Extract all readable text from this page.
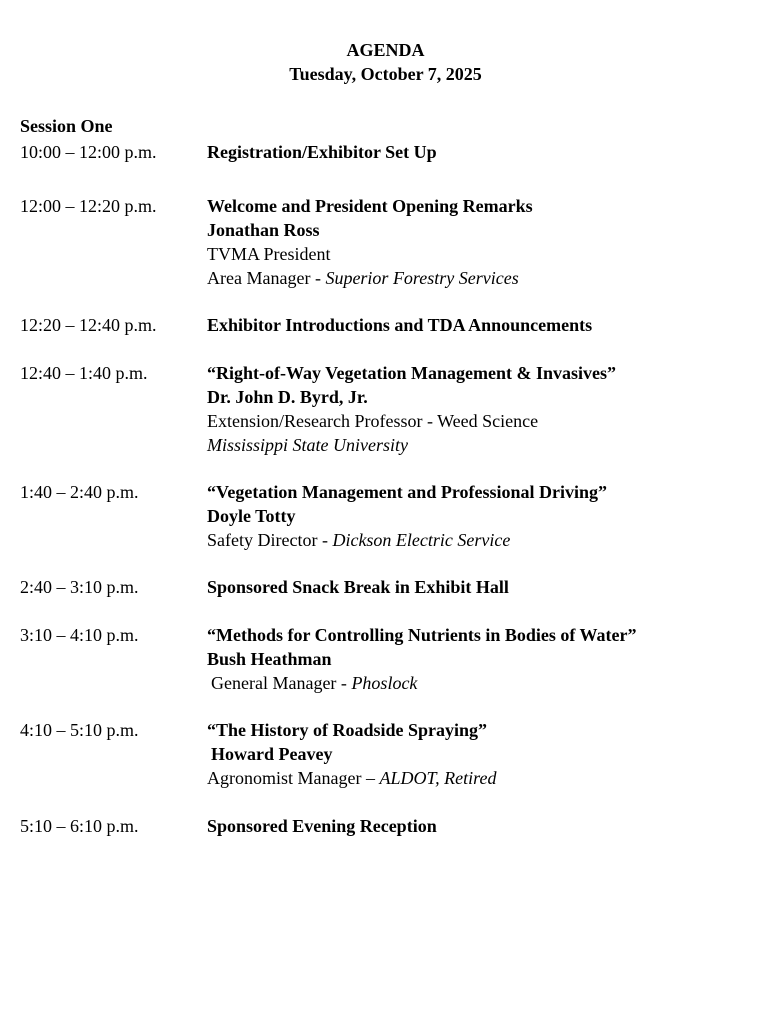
AGENDA
Tuesday, October 7, 2025
Session One
10:00 – 12:00 p.m.	Registration/Exhibitor Set Up
12:00 – 12:20 p.m.	Welcome and President Opening Remarks
Jonathan Ross
TVMA President
Area Manager - Superior Forestry Services
12:20 – 12:40 p.m.	Exhibitor Introductions and TDA Announcements
12:40 – 1:40 p.m.	“Right-of-Way Vegetation Management & Invasives”
Dr. John D. Byrd, Jr.
Extension/Research Professor - Weed Science
Mississippi State University
1:40 – 2:40 p.m.	“Vegetation Management and Professional Driving”
Doyle Totty
Safety Director - Dickson Electric Service
2:40 – 3:10 p.m.	Sponsored Snack Break in Exhibit Hall
3:10 – 4:10 p.m.	“Methods for Controlling Nutrients in Bodies of Water”
Bush Heathman
General Manager - Phoslock
4:10 – 5:10 p.m.	“The History of Roadside Spraying”
Howard Peavey
Agronomist Manager – ALDOT, Retired
5:10 – 6:10 p.m.	Sponsored Evening Reception
